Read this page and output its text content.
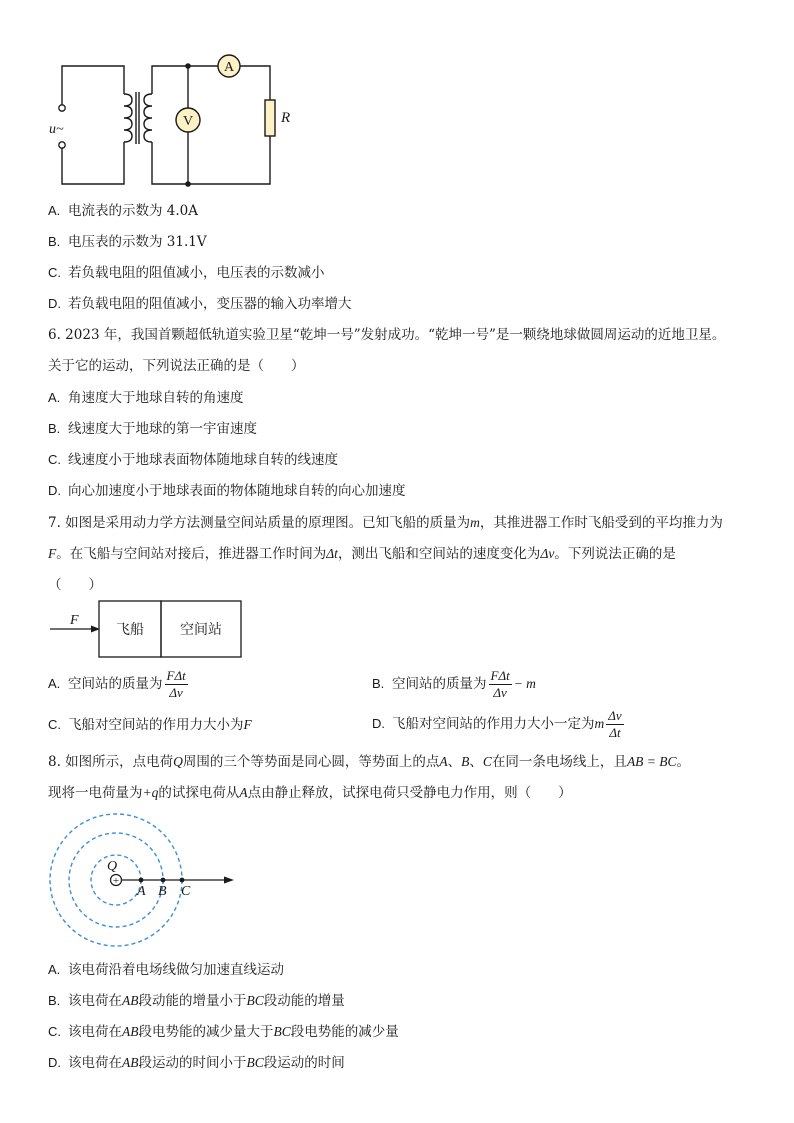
A
V	R
u~
A. 电流表的示数为 4.0A
B. 电压表的示数为 31.1V
C. 若负载电阻的阻值减小，电压表的示数减小
D. 若负载电阻的阻值减小，变压器的输入功率增大
6. 2023 年，我国首颗超低轨道实验卫星“乾坤一号”发射成功。“乾坤一号”是一颗绕地球做圆周运动的近地卫星。
关于它的运动，下列说法正确的是（　　）
A. 角速度大于地球自转的角速度
B. 线速度大于地球的第一宇宙速度
C. 线速度小于地球表面物体随地球自转的线速度
D. 向心加速度小于地球表面的物体随地球自转的向心加速度
7. 如图是采用动力学方法测量空间站质量的原理图。已知飞船的质量为m，其推进器工作时飞船受到的平均推力为
F。在飞船与空间站对接后，推进器工作时间为Δt，测出飞船和空间站的速度变化为Δv。下列说法正确的是
（　　）
F
飞船	空间站
A. 空间站的质量为 $\frac{\text{FΔt}}{\Delta v}$	B. 空间站的质量为 $\frac{\text{FΔt}}{\Delta v} - m$
C. 飞船对空间站的作用力大小为F	D. 飞船对空间站的作用力大小一定为m $\frac{\Delta v}{\Delta t}$
8. 如图所示，点电荷Q周围的三个等势面是同心圆，等势面上的点A、B、C在同一条电场线上，且AB = BC。
现将一电荷量为+q的试探电荷从A点由静止释放，试探电荷只受静电力作用，则（　　）
+
Q
A B C
A. 该电荷沿着电场线做匀加速直线运动
B. 该电荷在AB段动能的增量小于BC段动能的增量
C. 该电荷在AB段电势能的减少量大于BC段电势能的减少量
D. 该电荷在AB段运动的时间小于BC段运动的时间
